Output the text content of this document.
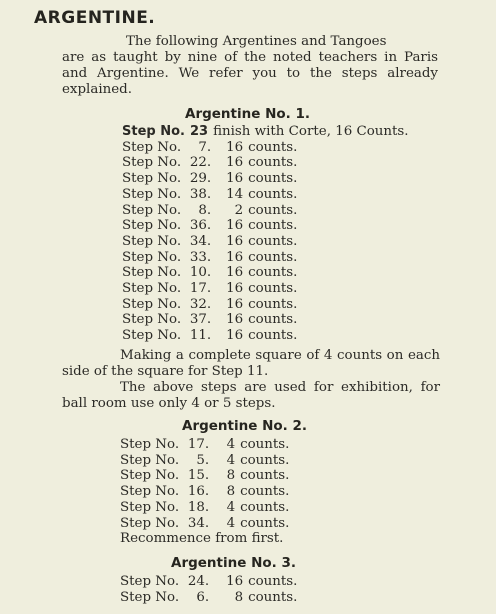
ARGENTINE.
The following Argentines and Tangoes
are as taught by nine of the noted teachers in Paris and Argentine. We refer you to the steps already explained.
Argentine No. 1.
Step No. 23 finish with Corte, 16 Counts.
Step No.	7.	16 counts.
Step No. 22.	16 counts.
Step No. 29.	16 counts.
Step No. 38.	14 counts.
Step No.	8.	2 counts.
Step No. 36.	16 counts.
Step No. 34.	16 counts.
Step No. 33.	16 counts.
Step No. 10.	16 counts.
Step No. 17.	16 counts.
Step No. 32.	16 counts.
Step No. 37.	16 counts.
Step No. 11.	16 counts.
Making a complete square of 4 counts on each side of the square for Step 11.
The above steps are used for exhibition, for ball room use only 4 or 5 steps.
Argentine No. 2.
Step No. 17.	4 counts.
Step No.	5.	4 counts.
Step No. 15.	8 counts.
Step No. 16.	8 counts.
Step No. 18.	4 counts.
Step No. 34.	4 counts.
Recommence from first.
Argentine No. 3.
Step No. 24.	16 counts.
Step No.	6.	8 counts.
